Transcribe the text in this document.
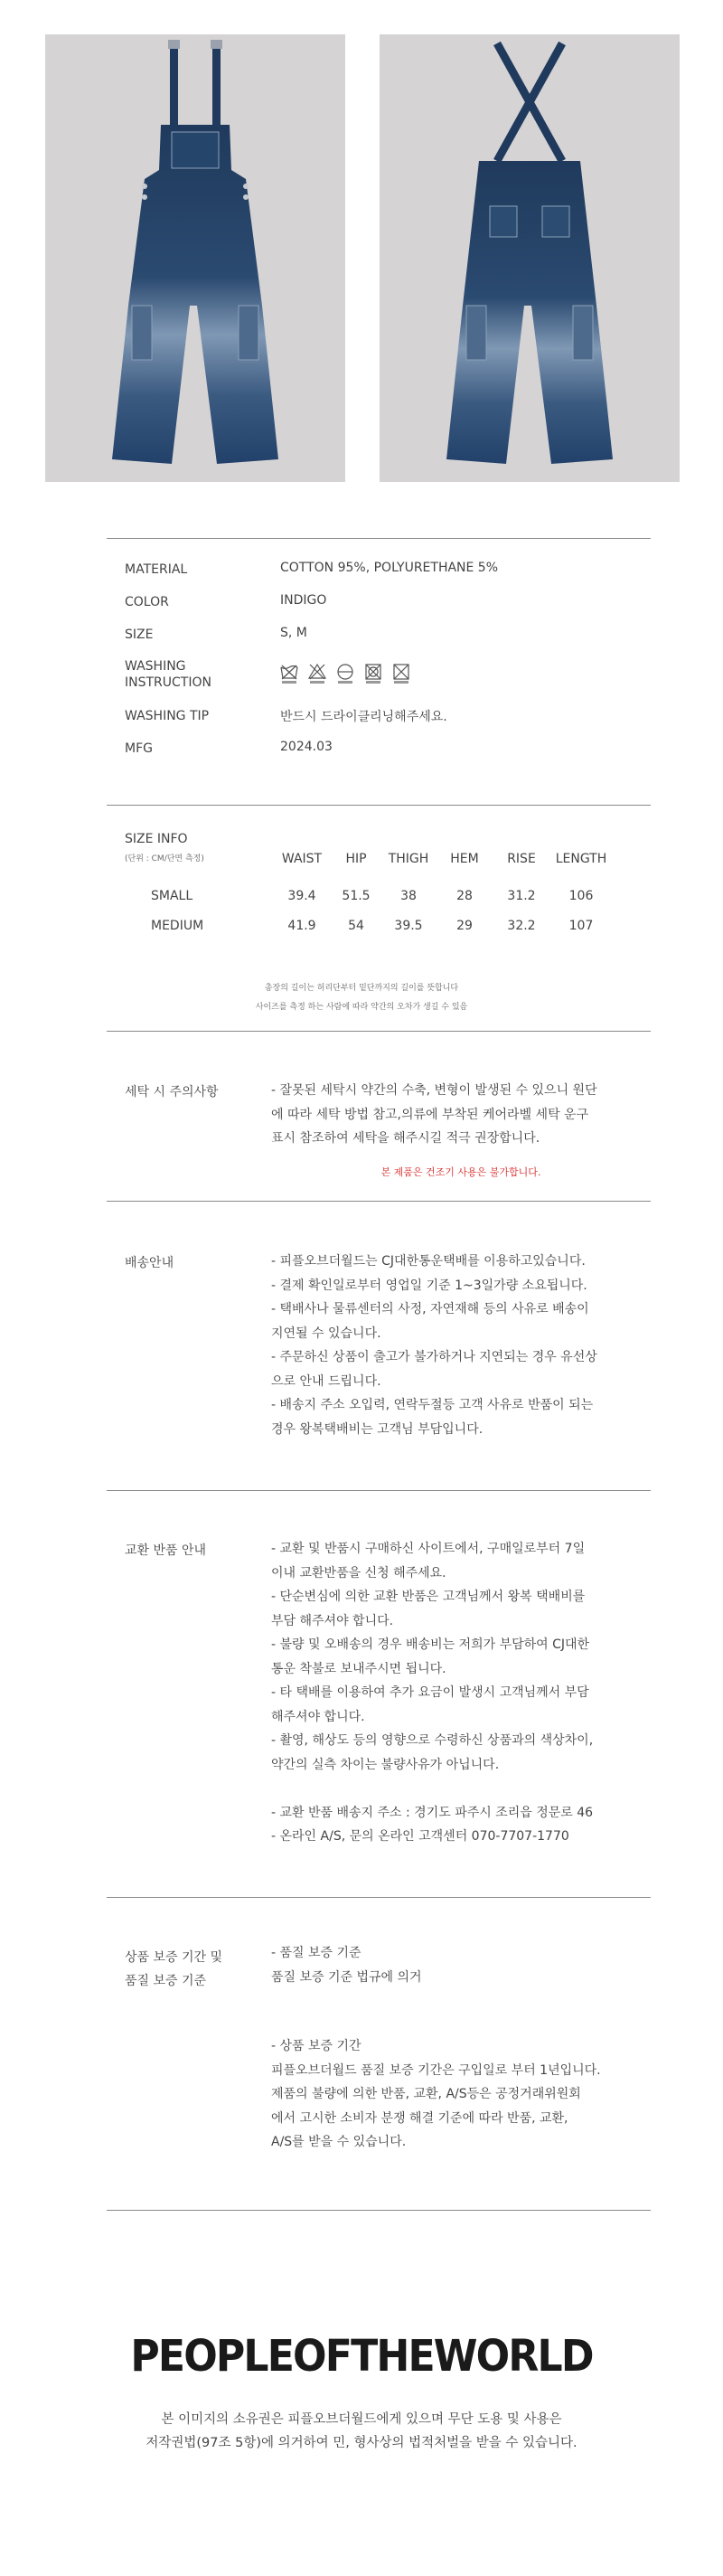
MATERIAL	COTTON 95%, POLYURETHANE 5%
COLOR	INDIGO
SIZE	S, M
WASHING
INSTRUCTION
WASHING TIP	반드시 드라이클리닝해주세요.
MFG	2024.03
SIZE INFO
(단위 : CM/단면 측정)	WAIST	HIP	THIGH	HEM	RISE	LENGTH
SMALL	39.4	51.5	38	28	31.2	106
MEDIUM	41.9	54	39.5	29	32.2	107
총장의 길이는 허리단부터 밑단까지의 길이를 뜻합니다
사이즈를 측정 하는 사람에 따라 약간의 오차가 생길 수 있음
세탁 시 주의사항	- 잘못된 세탁시 약간의 수축, 변형이 발생된 수 있으니 원단
에 따라 세탁 방법 참고,의류에 부착된 케어라벨 세탁 운구
표시 참조하여 세탁을 해주시길 적극 권장합니다.
본 제품은 건조기 사용은 불가합니다.
배송안내	- 피플오브더월드는 CJ대한통운택배를 이용하고있습니다.
- 결제 확인일로부터 영업일 기준 1~3일가량 소요됩니다.
- 택배사나 물류센터의 사정, 자연재해 등의 사유로 배송이
지연될 수 있습니다.
- 주문하신 상품이 출고가 불가하거나 지연되는 경우 유선상
으로 안내 드립니다.
- 배송지 주소 오입력, 연락두절등 고객 사유로 반품이 되는
경우 왕복택배비는 고객님 부담입니다.
교환 반품 안내	- 교환 및 반품시 구매하신 사이트에서, 구매일로부터 7일
이내 교환반품을 신청 해주세요.
- 단순변심에 의한 교환 반품은 고객님께서 왕복 택배비를
부담 해주셔야 합니다.
- 불량 및 오배송의 경우 배송비는 저희가 부담하여 CJ대한
통운 착불로 보내주시면 됩니다.
- 타 택배를 이용하여 추가 요금이 발생시 고객님께서 부담
해주셔야 합니다.
- 촬영, 해상도 등의 영향으로 수령하신 상품과의 색상차이,
약간의 실측 차이는 불량사유가 아닙니다.

- 교환 반품 배송지 주소 : 경기도 파주시 조리읍 정문로 46
- 온라인 A/S, 문의 온라인 고객센터 070-7707-1770
상품 보증 기간 및
품질 보증 기준
- 품질 보증 기준
품질 보증 기준 법규에 의거
- 상품 보증 기간
피플오브더월드 품질 보증 기간은 구입일로 부터 1년입니다.
제품의 불량에 의한 반품, 교환, A/S등은 공정거래위원회
에서 고시한 소비자 분쟁 해결 기준에 따라 반품, 교환,
A/S를 받을 수 있습니다.
PEOPLEOFTHEWORLD
본 이미지의 소유권은 피플오브더월드에게 있으며 무단 도용 및 사용은
저작권법(97조 5항)에 의거하여 민, 형사상의 법적처벌을 받을 수 있습니다.
